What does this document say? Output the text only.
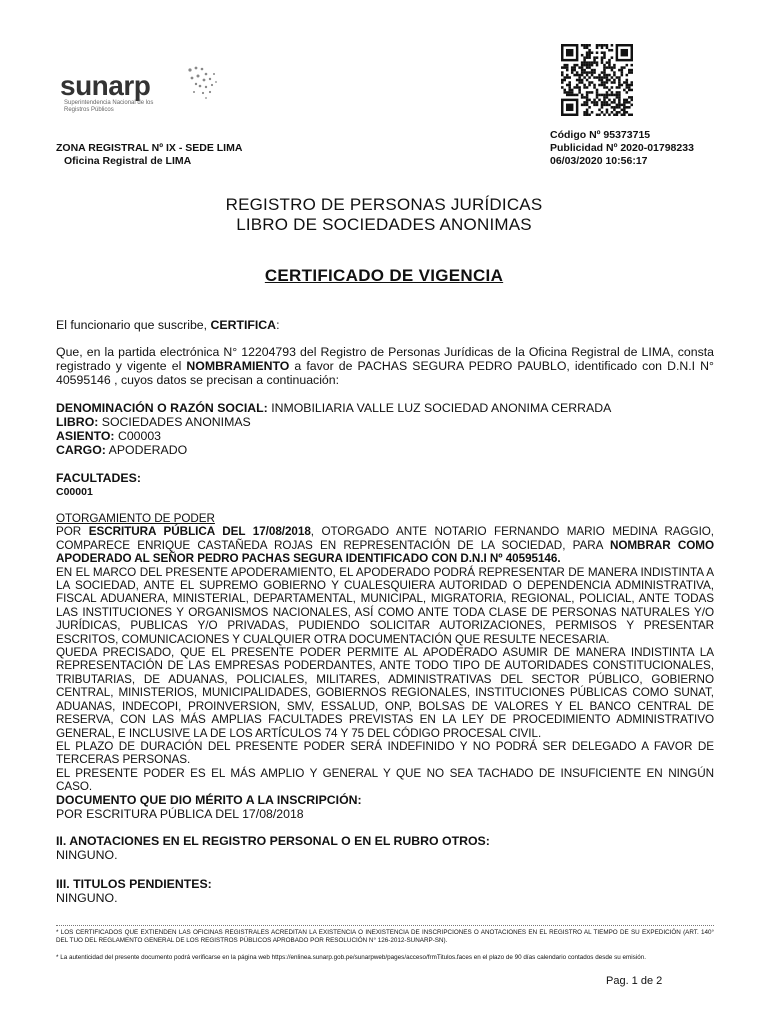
sunarp
Superintendencia Nacional de los Registros Públicos
ZONA REGISTRAL Nº IX - SEDE LIMA
Oficina Registral de LIMA
Código Nº 95373715
Publicidad Nº 2020-01798233
06/03/2020 10:56:17
REGISTRO DE PERSONAS JURÍDICAS
LIBRO DE SOCIEDADES ANONIMAS
CERTIFICADO DE VIGENCIA
El funcionario que suscribe, CERTIFICA:
Que, en la partida electrónica N° 12204793 del Registro de Personas Jurídicas de la Oficina Registral de LIMA, consta registrado y vigente el NOMBRAMIENTO a favor de PACHAS SEGURA PEDRO PAUBLO, identificado con D.N.I N° 40595146 , cuyos datos se precisan a continuación:
DENOMINACIÓN O RAZÓN SOCIAL: INMOBILIARIA VALLE LUZ SOCIEDAD ANONIMA CERRADA
LIBRO: SOCIEDADES ANONIMAS
ASIENTO: C00003
CARGO: APODERADO
FACULTADES:
C00001
OTORGAMIENTO DE PODER
POR ESCRITURA PÚBLICA DEL 17/08/2018, OTORGADO ANTE NOTARIO FERNANDO MARIO MEDINA RAGGIO, COMPARECE ENRIQUE CASTAÑEDA ROJAS EN REPRESENTACIÓN DE LA SOCIEDAD, PARA NOMBRAR COMO APODERADO AL SEÑOR PEDRO PACHAS SEGURA IDENTIFICADO CON D.N.I Nº 40595146.
EN EL MARCO DEL PRESENTE APODERAMIENTO, EL APODERADO PODRÁ REPRESENTAR DE MANERA INDISTINTA A LA SOCIEDAD, ANTE EL SUPREMO GOBIERNO Y CUALESQUIERA AUTORIDAD O DEPENDENCIA ADMINISTRATIVA, FISCAL ADUANERA, MINISTERIAL, DEPARTAMENTAL, MUNICIPAL, MIGRATORIA, REGIONAL, POLICIAL, ANTE TODAS LAS INSTITUCIONES Y ORGANISMOS NACIONALES, ASÍ COMO ANTE TODA CLASE DE PERSONAS NATURALES Y/O JURÍDICAS, PUBLICAS Y/O PRIVADAS, PUDIENDO SOLICITAR AUTORIZACIONES, PERMISOS Y PRESENTAR ESCRITOS, COMUNICACIONES Y CUALQUIER OTRA DOCUMENTACIÓN QUE RESULTE NECESARIA.
QUEDA PRECISADO, QUE EL PRESENTE PODER PERMITE AL APODERADO ASUMIR DE MANERA INDISTINTA LA REPRESENTACIÓN DE LAS EMPRESAS PODERDANTES, ANTE TODO TIPO DE AUTORIDADES CONSTITUCIONALES, TRIBUTARIAS, DE ADUANAS, POLICIALES, MILITARES, ADMINISTRATIVAS DEL SECTOR PÚBLICO, GOBIERNO CENTRAL, MINISTERIOS, MUNICIPALIDADES, GOBIERNOS REGIONALES, INSTITUCIONES PÚBLICAS COMO SUNAT, ADUANAS, INDECOPI, PROINVERSION, SMV, ESSALUD, ONP, BOLSAS DE VALORES Y EL BANCO CENTRAL DE RESERVA, CON LAS MÁS AMPLIAS FACULTADES PREVISTAS EN LA LEY DE PROCEDIMIENTO ADMINISTRATIVO GENERAL, E INCLUSIVE LA DE LOS ARTÍCULOS 74 Y 75 DEL CÓDIGO PROCESAL CIVIL.
EL PLAZO DE DURACIÓN DEL PRESENTE PODER SERÁ INDEFINIDO Y NO PODRÁ SER DELEGADO A FAVOR DE TERCERAS PERSONAS.
EL PRESENTE PODER ES EL MÁS AMPLIO Y GENERAL Y QUE NO SEA TACHADO DE INSUFICIENTE EN NINGÚN CASO.
DOCUMENTO QUE DIO MÉRITO A LA INSCRIPCIÓN:
POR ESCRITURA PÚBLICA DEL 17/08/2018
II. ANOTACIONES EN EL REGISTRO PERSONAL O EN EL RUBRO OTROS:
NINGUNO.
III. TITULOS PENDIENTES:
NINGUNO.
* LOS CERTIFICADOS QUE EXTIENDEN LAS OFICINAS REGISTRALES ACREDITAN LA EXISTENCIA O INEXISTENCIA DE INSCRIPCIONES O ANOTACIONES EN EL REGISTRO AL TIEMPO DE SU EXPEDICIÓN (ART. 140° DEL TUO DEL REGLAMENTO GENERAL DE LOS REGISTROS PÚBLICOS APROBADO POR RESOLUCIÓN N° 126-2012-SUNARP-SN).
* La autenticidad del presente documento podrá verificarse en la página web https://enlinea.sunarp.gob.pe/sunarpweb/pages/acceso/frmTitulos.faces en el plazo de 90 días calendario contados desde su emisión.
Pag. 1 de 2
